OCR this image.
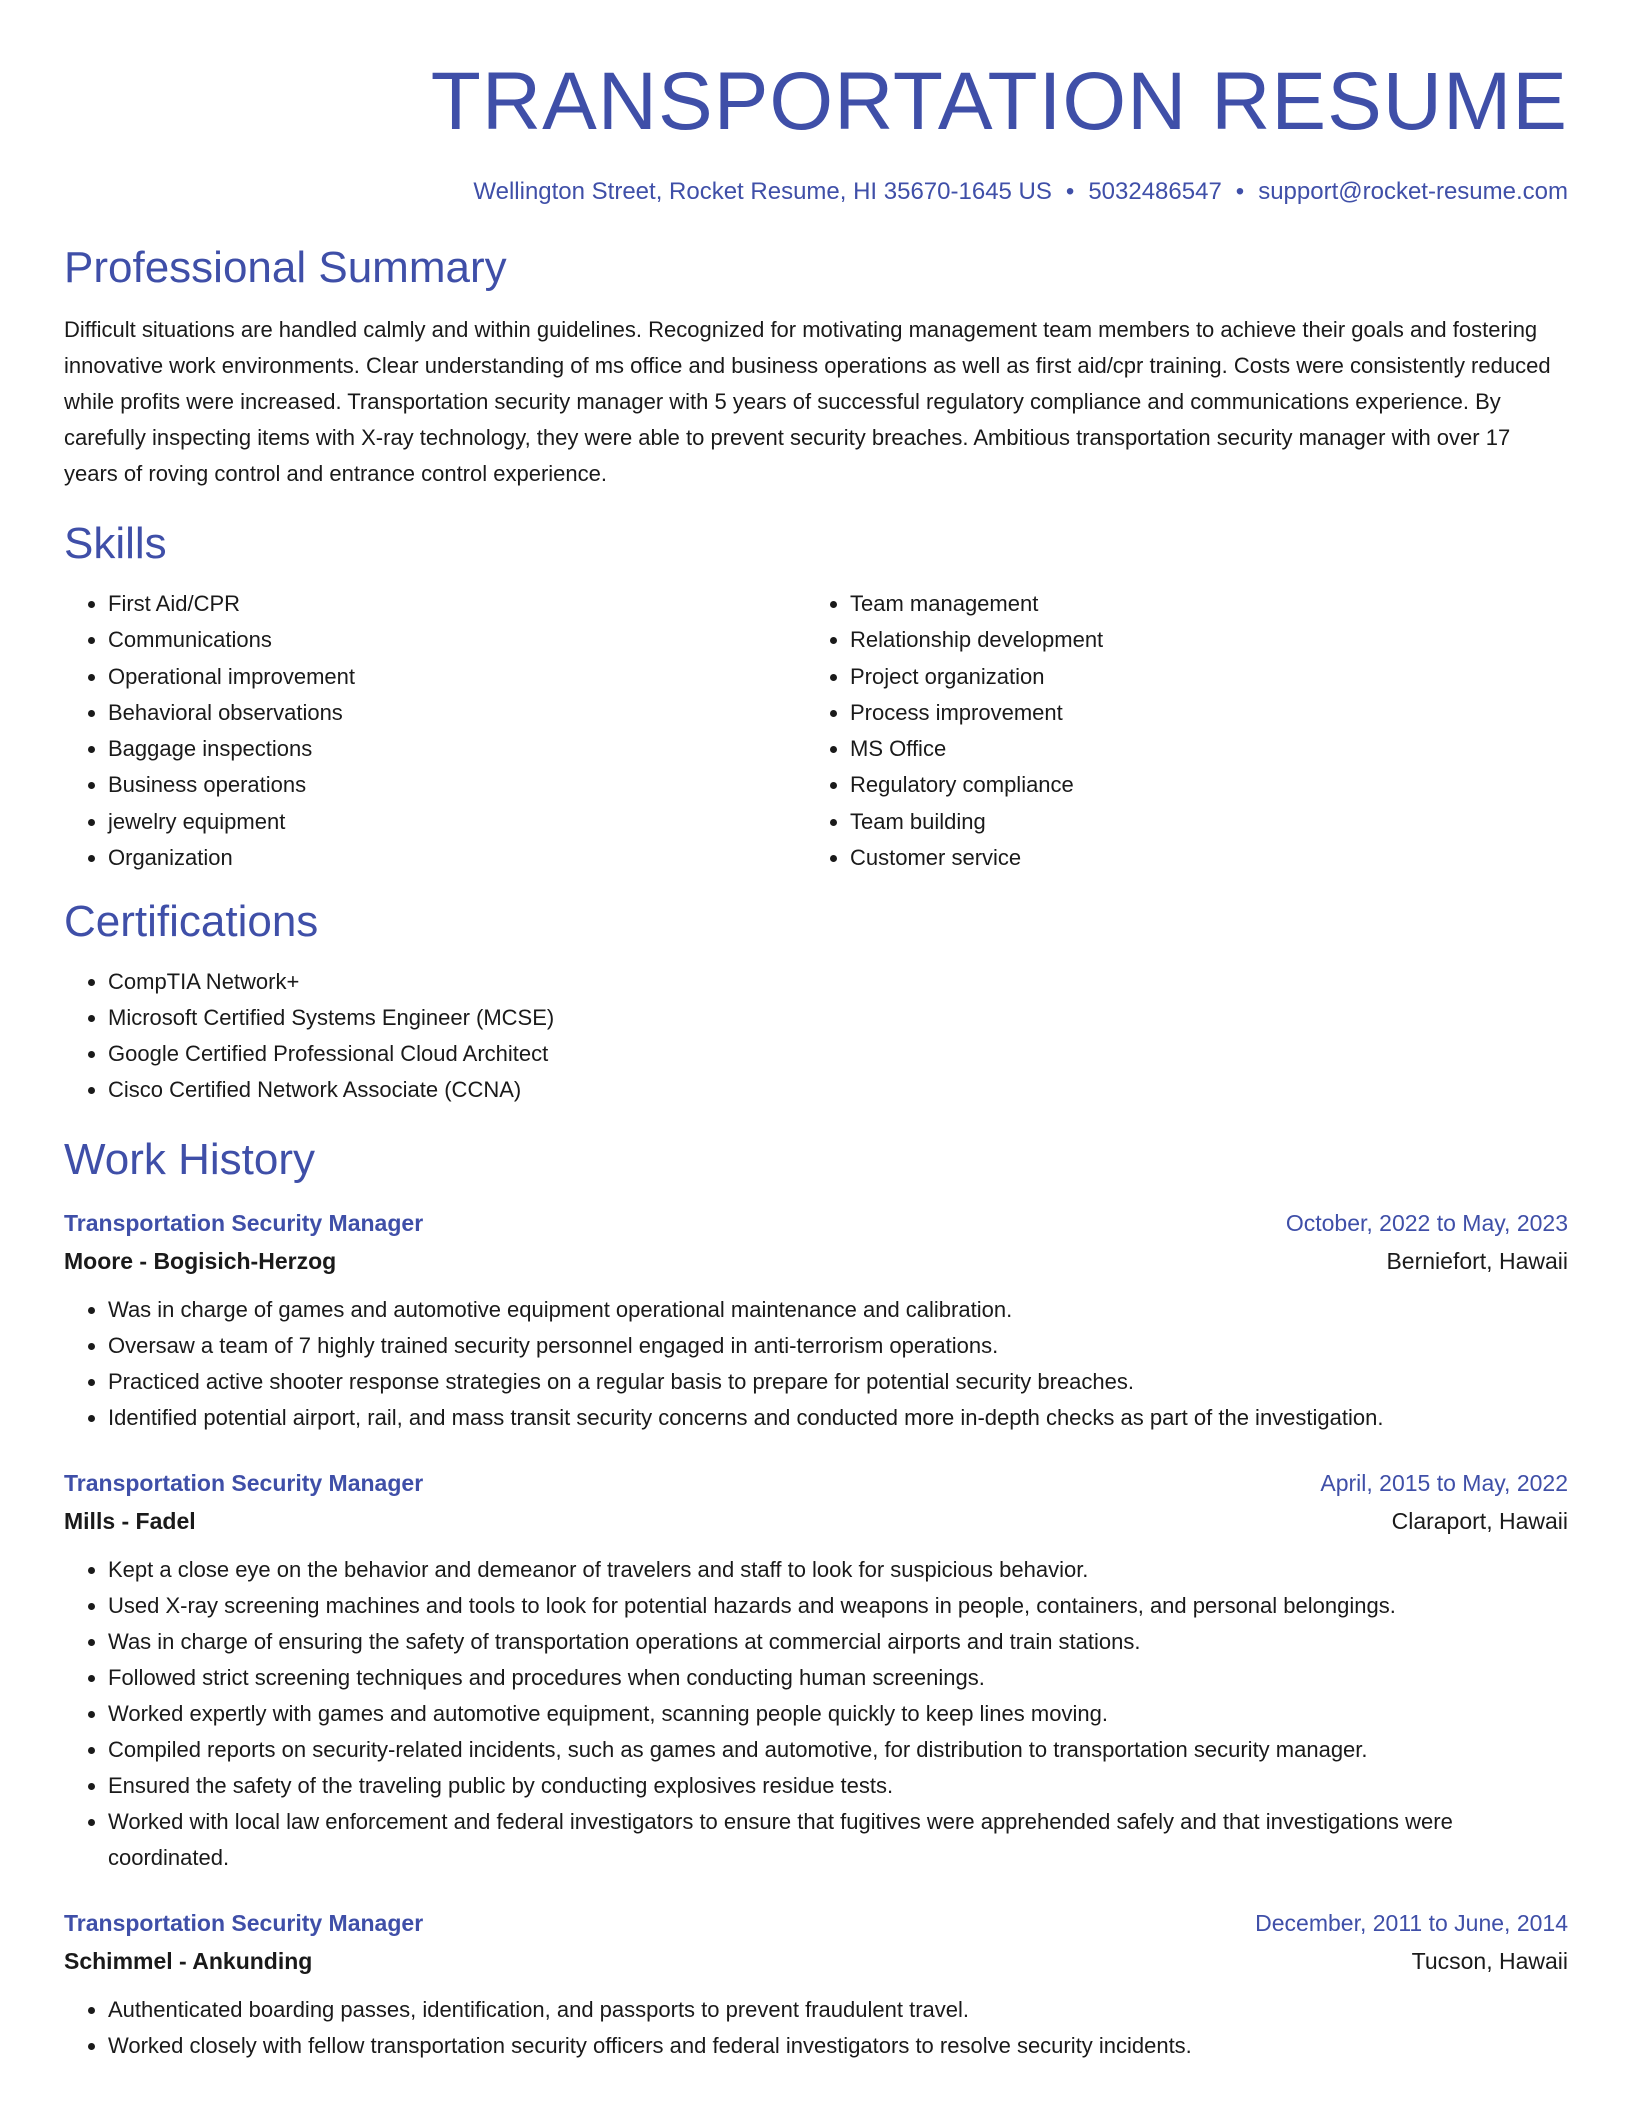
TRANSPORTATION RESUME
Wellington Street, Rocket Resume, HI 35670-1645 US • 5032486547 • support@rocket-resume.com
Professional Summary

Difficult situations are handled calmly and within guidelines. Recognized for motivating management team members to achieve their goals and fostering innovative work environments. Clear understanding of ms office and business operations as well as first aid/cpr training. Costs were consistently reduced while profits were increased. Transportation security manager with 5 years of successful regulatory compliance and communications experience. By carefully inspecting items with X-ray technology, they were able to prevent security breaches. Ambitious transportation security manager with over 17 years of roving control and entrance control experience.

Skills
• First Aid/CPR
• Communications
• Operational improvement
• Behavioral observations
• Baggage inspections
• Business operations
• jewelry equipment
• Organization
• Team management
• Relationship development
• Project organization
• Process improvement
• MS Office
• Regulatory compliance
• Team building
• Customer service
Certifications
• CompTIA Network+
• Microsoft Certified Systems Engineer (MCSE)
• Google Certified Professional Cloud Architect
• Cisco Certified Network Associate (CCNA)
Work History
Transportation Security Manager	October, 2022 to May, 2023
Moore - Bogisich-Herzog	Berniefort, Hawaii
• Was in charge of games and automotive equipment operational maintenance and calibration.
• Oversaw a team of 7 highly trained security personnel engaged in anti-terrorism operations.
• Practiced active shooter response strategies on a regular basis to prepare for potential security breaches.
• Identified potential airport, rail, and mass transit security concerns and conducted more in-depth checks as part of the investigation.
Transportation Security Manager	April, 2015 to May, 2022
Mills - Fadel	Claraport, Hawaii
• Kept a close eye on the behavior and demeanor of travelers and staff to look for suspicious behavior.
• Used X-ray screening machines and tools to look for potential hazards and weapons in people, containers, and personal belongings.
• Was in charge of ensuring the safety of transportation operations at commercial airports and train stations.
• Followed strict screening techniques and procedures when conducting human screenings.
• Worked expertly with games and automotive equipment, scanning people quickly to keep lines moving.
• Compiled reports on security-related incidents, such as games and automotive, for distribution to transportation security manager.
• Ensured the safety of the traveling public by conducting explosives residue tests.
• Worked with local law enforcement and federal investigators to ensure that fugitives were apprehended safely and that investigations were coordinated.
Transportation Security Manager	December, 2011 to June, 2014
Schimmel - Ankunding	Tucson, Hawaii
• Authenticated boarding passes, identification, and passports to prevent fraudulent travel.
• Worked closely with fellow transportation security officers and federal investigators to resolve security incidents.
